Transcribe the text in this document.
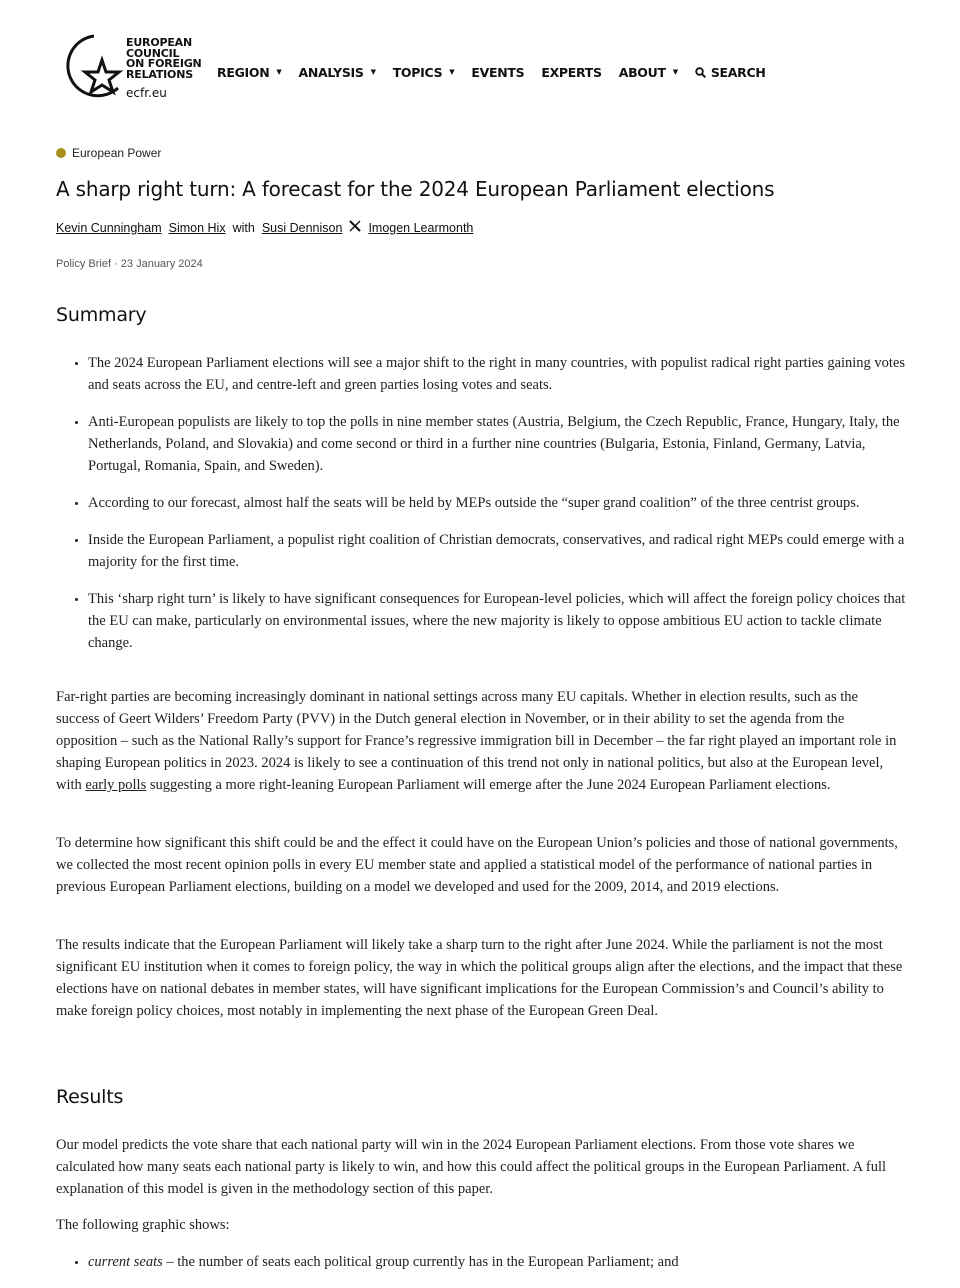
EUROPEAN
COUNCIL
ON FOREIGN
RELATIONS
ecfr.eu
REGION ▼ ANALYSIS ▼ TOPICS ▼ EVENTS EXPERTS ABOUT ▼	SEARCH
European Power
A sharp right turn: A forecast for the 2024 European Parliament elections
Kevin Cunningham Simon Hix with Susi Dennison Imogen Learmonth
Policy Brief · 23 January 2024
Summary
• The 2024 European Parliament elections will see a major shift to the right in many countries, with populist radical right parties gaining votes and seats across the EU, and centre-left and green parties losing votes and seats.
• Anti-European populists are likely to top the polls in nine member states (Austria, Belgium, the Czech Republic, France, Hungary, Italy, the Netherlands, Poland, and Slovakia) and come second or third in a further nine countries (Bulgaria, Estonia, Finland, Germany, Latvia, Portugal, Romania, Spain, and Sweden).
• According to our forecast, almost half the seats will be held by MEPs outside the “super grand coalition” of the three centrist groups.
• Inside the European Parliament, a populist right coalition of Christian democrats, conservatives, and radical right MEPs could emerge with a majority for the first time.
• This ‘sharp right turn’ is likely to have significant consequences for European-level policies, which will affect the foreign policy choices that the EU can make, particularly on environmental issues, where the new majority is likely to oppose ambitious EU action to tackle climate change.

Far-right parties are becoming increasingly dominant in national settings across many EU capitals. Whether in election results, such as the success of Geert Wilders’ Freedom Party (PVV) in the Dutch general election in November, or in their ability to set the agenda from the opposition – such as the National Rally’s support for France’s regressive immigration bill in December – the far right played an important role in shaping European politics in 2023. 2024 is likely to see a continuation of this trend not only in national politics, but also at the European level, with early polls suggesting a more right-leaning European Parliament will emerge after the June 2024 European Parliament elections.

To determine how significant this shift could be and the effect it could have on the European Union’s policies and those of national governments, we collected the most recent opinion polls in every EU member state and applied a statistical model of the performance of national parties in previous European Parliament elections, building on a model we developed and used for the 2009, 2014, and 2019 elections.

The results indicate that the European Parliament will likely take a sharp turn to the right after June 2024. While the parliament is not the most significant EU institution when it comes to foreign policy, the way in which the political groups align after the elections, and the impact that these elections have on national debates in member states, will have significant implications for the European Commission’s and Council’s ability to make foreign policy choices, most notably in implementing the next phase of the European Green Deal.

Results

Our model predicts the vote share that each national party will win in the 2024 European Parliament elections. From those vote shares we calculated how many seats each national party is likely to win, and how this could affect the political groups in the European Parliament. A full explanation of this model is given in the methodology section of this paper.

The following graphic shows:

• current seats – the number of seats each political group currently has in the European Parliament; and
